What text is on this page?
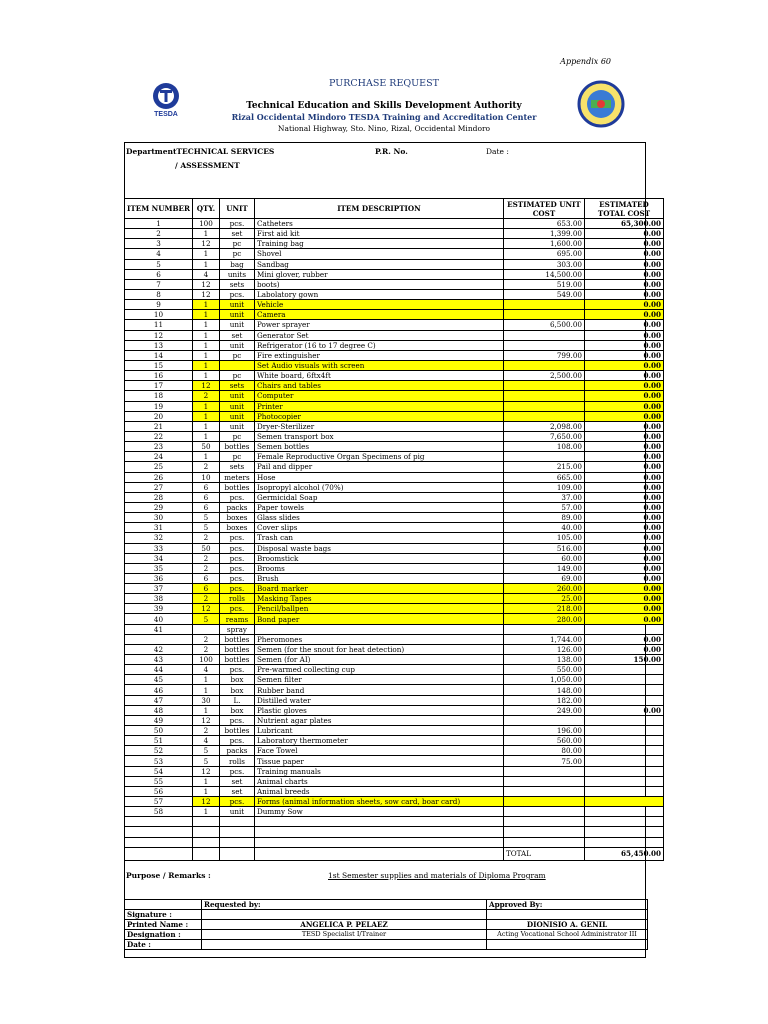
Appendix 60
TESDA
PURCHASE REQUEST
Technical Education and Skills Development Authority
Rizal Occidental Mindoro TESDA Training and Accreditation Center
National Highway, Sto. Nino, Rizal, Occidental Mindoro
DepartmentTECHNICAL SERVICES
/ ASSESSMENT
P.R. No.	Date :
ITEM NUMBER	QTY.	UNIT	ITEM DESCRIPTION	ESTIMATED UNIT COST	ESTIMATED TOTAL COST
1	100	pcs.	Catheters	653.00	65,300.00
2	1	set	First aid kit	1,399.00	0.00
3	12	pc	Training bag	1,600.00	0.00
4	1	pc	Shovel	695.00	0.00
5	1	bag	Sandbag	303.00	0.00
6	4	units	Mini glover, rubber	14,500.00	0.00
7	12	sets	boots)	519.00	0.00
8	12	pcs.	Labolatory gown	549.00	0.00
9	1	unit	Vehicle		0.00
10	1	unit	Camera		0.00
11	1	unit	Power sprayer	6,500.00	0.00
12	1	set	Generator Set		0.00
13	1	unit	Refrigerator (16 to 17 degree C)		0.00
14	1	pc	Fire extinguisher	799.00	0.00
15	1		Set Audio visuals with screen		0.00
16	1	pc	White board, 6ftx4ft	2,500.00	0.00
17	12	sets	Chairs and tables		0.00
18	2	unit	Computer		0.00
19	1	unit	Printer		0.00
20	1	unit	Photocopier		0.00
21	1	unit	Dryer-Sterilizer	2,098.00	0.00
22	1	pc	Semen transport box	7,650.00	0.00
23	50	bottles	Semen bottles	108.00	0.00
24	1	pc	Female Reproductive Organ Specimens of pig		0.00
25	2	sets	Pail and dipper	215.00	0.00
26	10	meters	Hose	665.00	0.00
27	6	bottles	Isopropyl alcohol (70%)	109.00	0.00
28	6	pcs.	Germicidal Soap	37.00	0.00
29	6	packs	Paper towels	57.00	0.00
30	5	boxes	Glass slides	89.00	0.00
31	5	boxes	Cover slips	40.00	0.00
32	2	pcs.	Trash can	105.00	0.00
33	50	pcs.	Disposal waste bags	516.00	0.00
34	2	pcs.	Broomstick	60.00	0.00
35	2	pcs.	Brooms	149.00	0.00
36	6	pcs.	Brush	69.00	0.00
37	6	pcs.	Board marker	260.00	0.00
38	2	rolls	Masking Tapes	25.00	0.00
39	12	pcs.	Pencil/ballpen	218.00	0.00
40	5	reams	Bond paper	280.00	0.00
41		spray			
	2	bottles	Pheromones	1,744.00	0.00
42	2	bottles	Semen (for the snout for heat detection)	126.00	0.00
43	100	bottles	Semen (for AI)	138.00	150.00
44	4	pcs.	Pre-warmed collecting cup	550.00	
45	1	box	Semen filter	1,050.00	
46	1	box	Rubber band	148.00	
47	30	L.	Distilled water	182.00	
48	1	box	Plastic gloves	249.00	0.00
49	12	pcs.	Nutrient agar plates		
50	2	bottles	Lubricant	196.00	
51	4	pcs.	Laboratory thermometer	560.00	
52	5	packs	Face Towel	80.00	
53	5	rolls	Tissue paper	75.00	
54	12	pcs.	Training manuals		
55	1	set	Animal charts		
56	1	set	Animal breeds		
57	12	pcs.	Forms (animal information sheets, sow card, boar card)		
58	1	unit	Dummy Sow		

				TOTAL	65,450.00
Purpose / Remarks :	1st Semester supplies and materials of Diploma Program
	Requested by:	Approved By:
Signature :		
Printed Name :	ANGELICA P. PELAEZ	DIONISIO A. GENIL
Designation :	TESD Specialist I/Trainer	Acting Vocational School Administrator III
Date :		
